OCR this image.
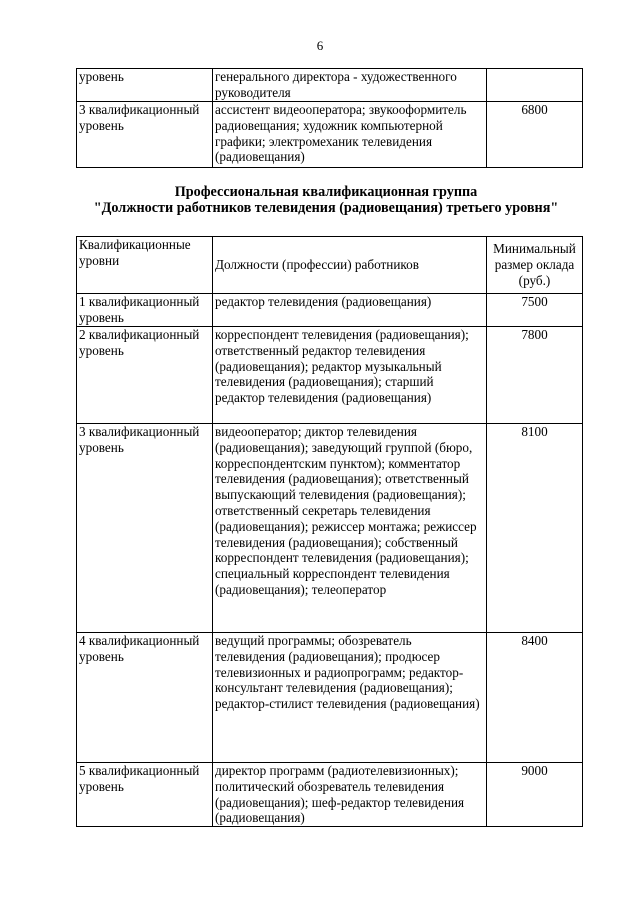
6
уровень	генерального директора - художественного руководителя	
3 квалификационный уровень	ассистент видеооператора; звукооформитель радиовещания; художник компьютерной графики; электромеханик телевидения (радиовещания)	6800
Профессиональная квалификационная группа
"Должности работников телевидения (радиовещания) третьего уровня"
Квалификационные уровни	Должности (профессии) работников	Минимальный размер оклада (руб.)
1 квалификационный уровень	редактор телевидения (радиовещания)	7500
2 квалификационный уровень	корреспондент телевидения (радиовещания); ответственный редактор телевидения (радиовещания); редактор музыкальный телевидения (радиовещания); старший редактор телевидения (радиовещания)	7800
3 квалификационный уровень	видеооператор; диктор телевидения (радиовещания); заведующий группой (бюро, корреспондентским пунктом); комментатор телевидения (радиовещания); ответственный выпускающий телевидения (радиовещания); ответственный секретарь телевидения (радиовещания); режиссер монтажа; режиссер телевидения (радиовещания); собственный корреспондент телевидения (радиовещания); специальный корреспондент телевидения (радиовещания); телеоператор	8100
4 квалификационный уровень	ведущий программы; обозреватель телевидения (радиовещания); продюсер телевизионных и радиопрограмм; редактор-консультант телевидения (радиовещания); редактор-стилист телевидения (радиовещания)	8400
5 квалификационный уровень	директор программ (радиотелевизионных); политический обозреватель телевидения (радиовещания); шеф-редактор телевидения (радиовещания)	9000
